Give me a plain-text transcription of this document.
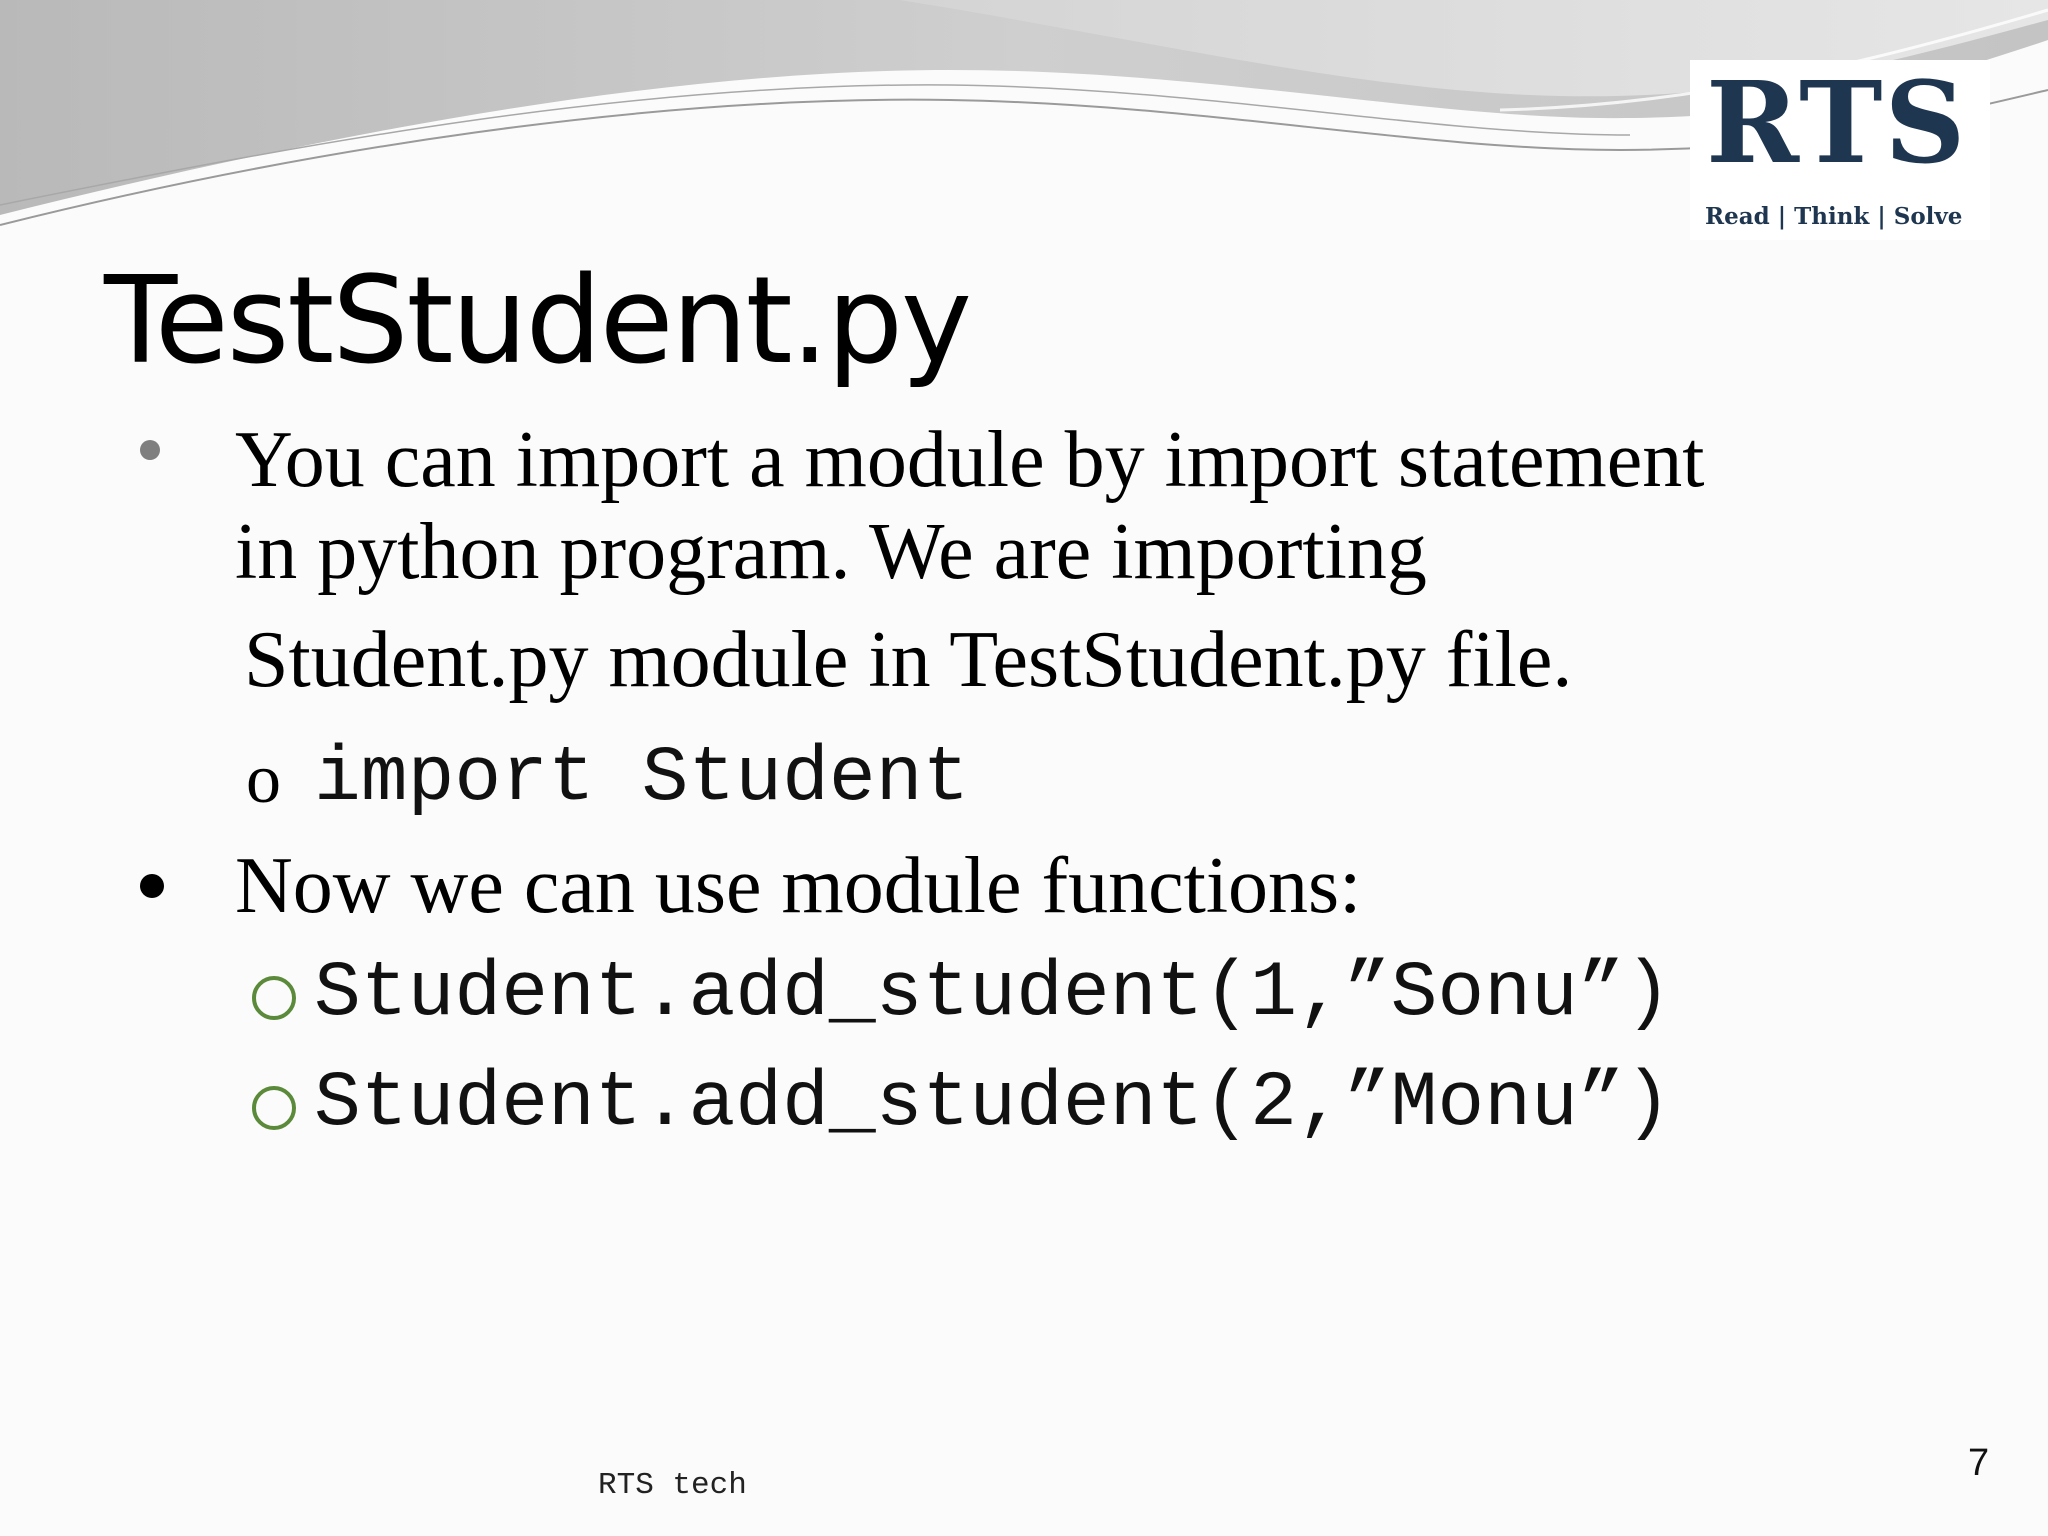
RTS
Read | Think | Solve
TestStudent.py
You can import a module by import statement
in python program. We are importing
Student.py module in TestStudent.py file.
o import Student
Now we can use module functions:
Student.add_student(1,”Sonu”)
Student.add_student(2,”Monu”)
RTS tech
7
